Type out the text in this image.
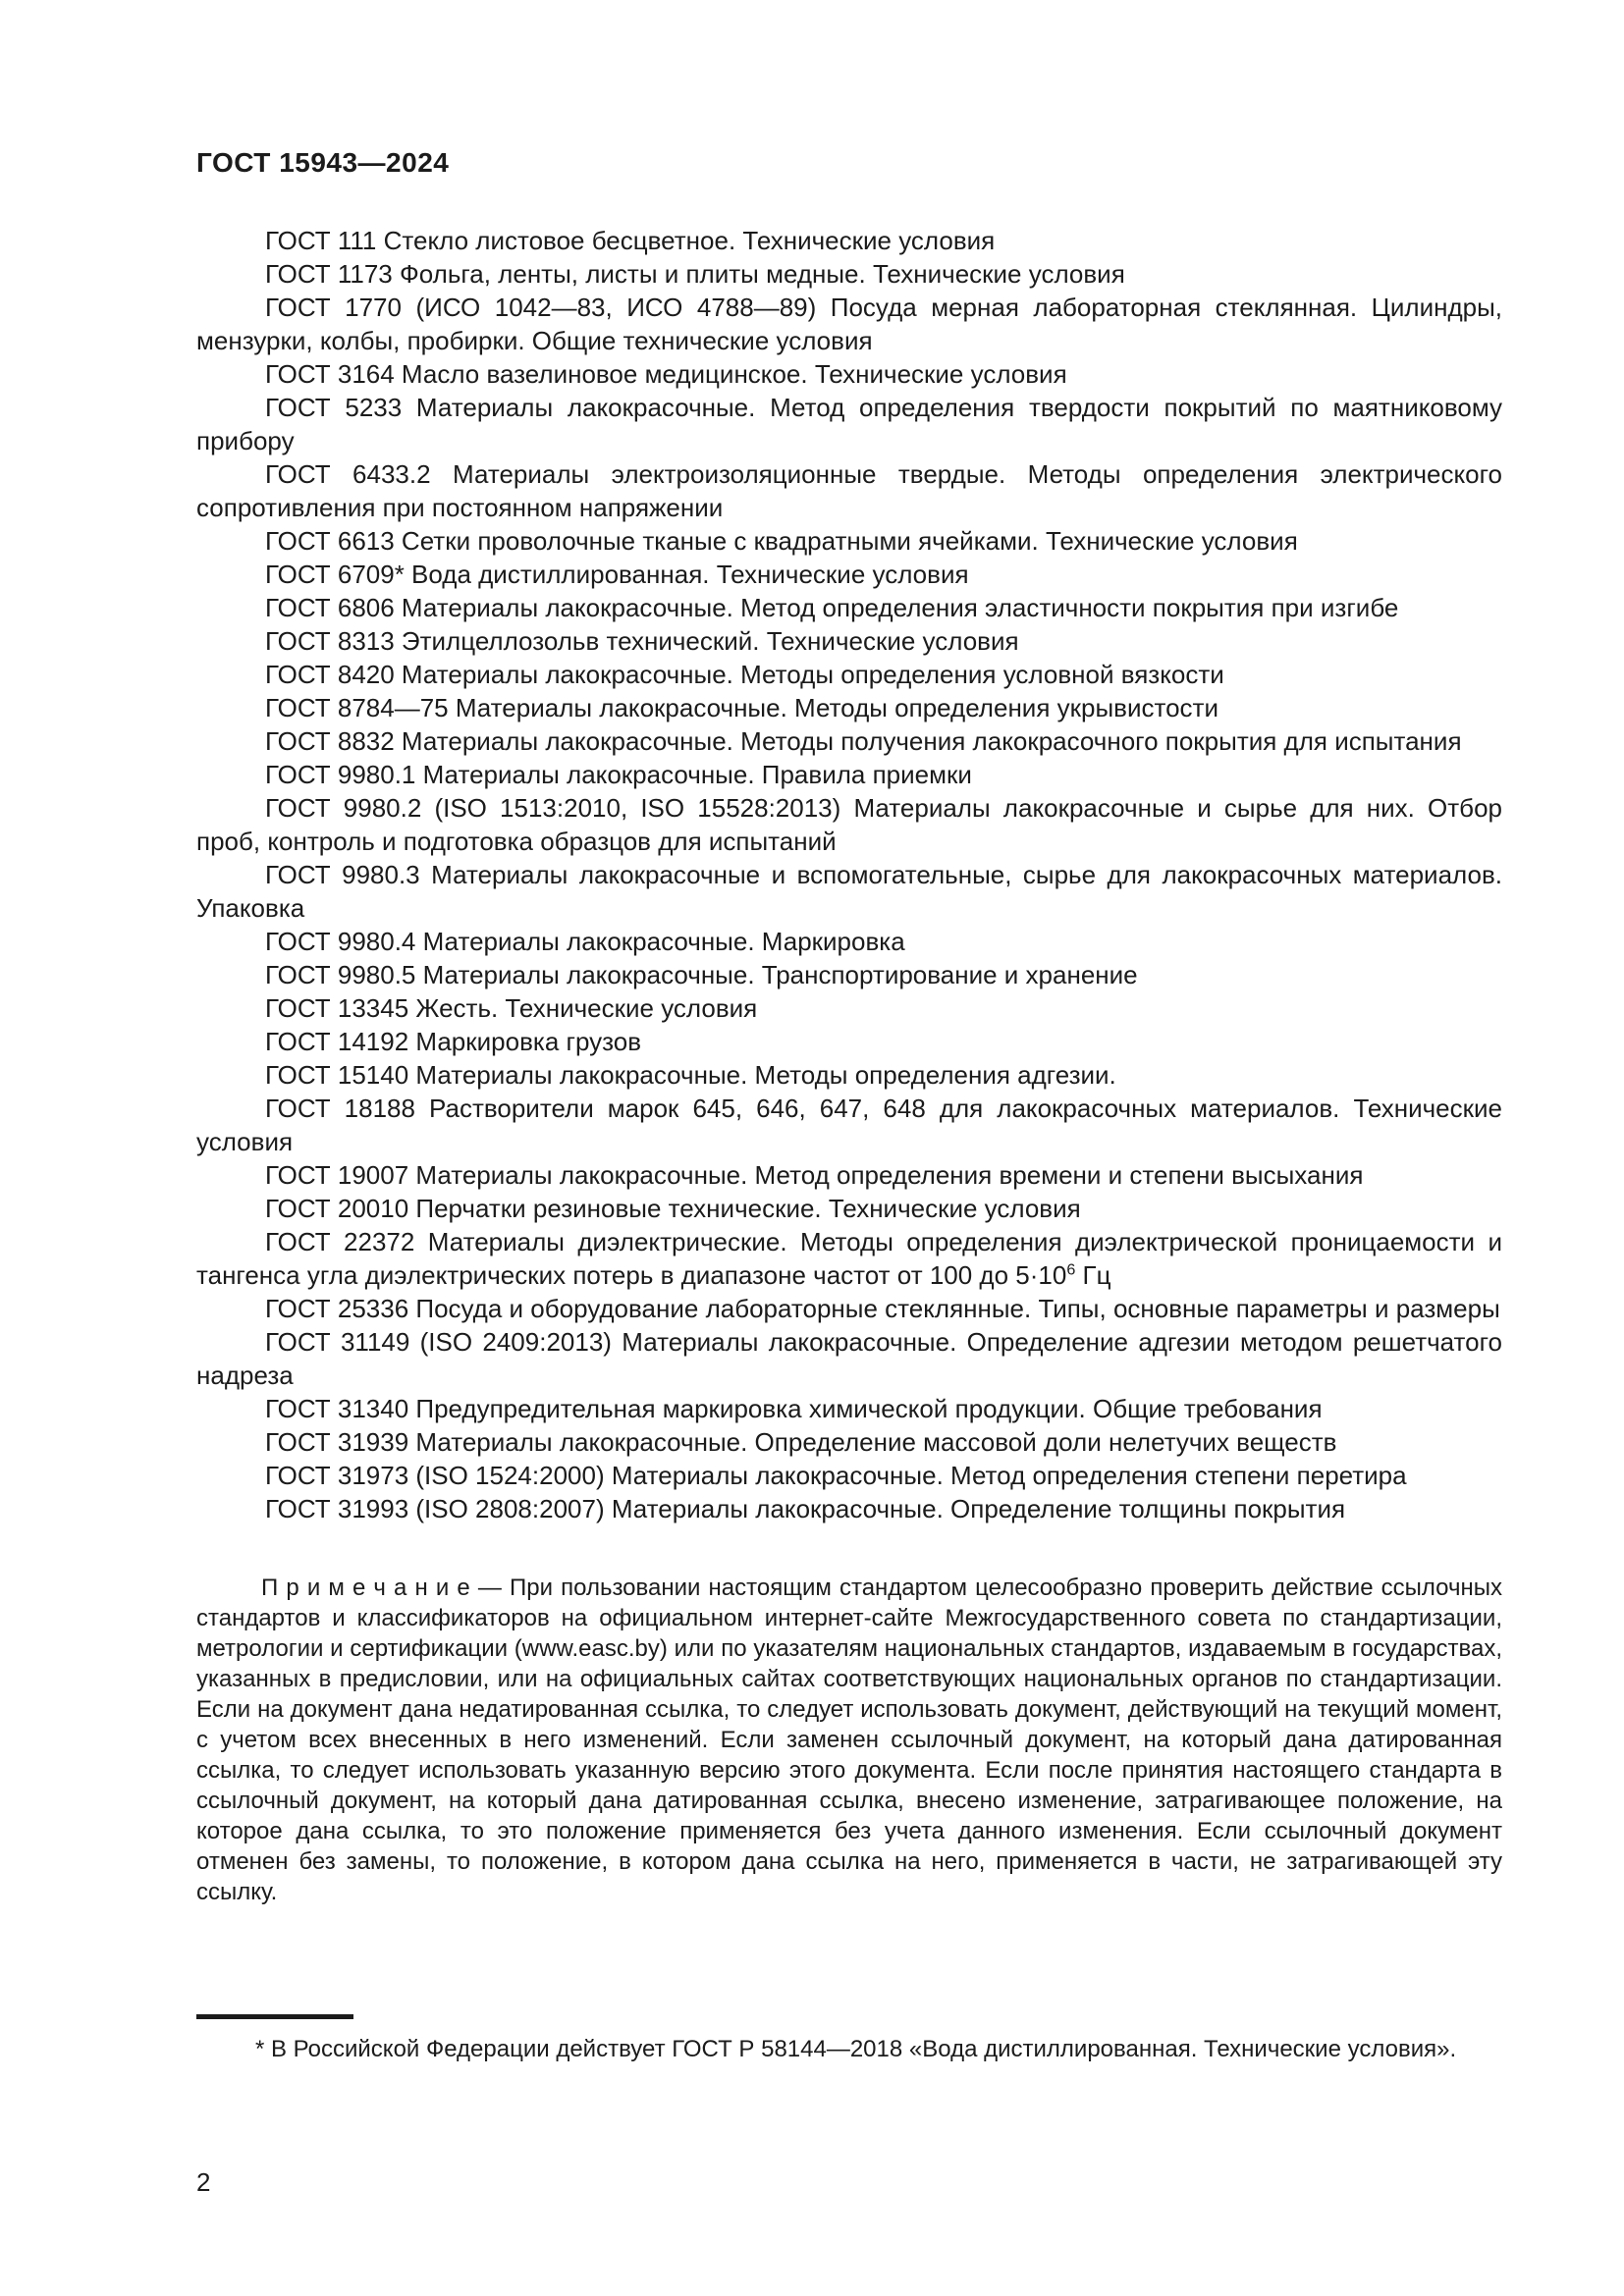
ГОСТ 15943—2024

ГОСТ 111 Стекло листовое бесцветное. Технические условия

ГОСТ 1173 Фольга, ленты, листы и плиты медные. Технические условия

ГОСТ 1770 (ИСО 1042—83, ИСО 4788—89) Посуда мерная лабораторная стеклянная. Цилиндры, мензурки, колбы, пробирки. Общие технические условия

ГОСТ 3164 Масло вазелиновое медицинское. Технические условия

ГОСТ 5233 Материалы лакокрасочные. Метод определения твердости покрытий по маятниковому прибору

ГОСТ 6433.2 Материалы электроизоляционные твердые. Методы определения электрического сопротивления при постоянном напряжении

ГОСТ 6613 Сетки проволочные тканые с квадратными ячейками. Технические условия

ГОСТ 6709* Вода дистиллированная. Технические условия

ГОСТ 6806 Материалы лакокрасочные. Метод определения эластичности покрытия при изгибе

ГОСТ 8313 Этилцеллозольв технический. Технические условия

ГОСТ 8420 Материалы лакокрасочные. Методы определения условной вязкости

ГОСТ 8784—75 Материалы лакокрасочные. Методы определения укрывистости

ГОСТ 8832 Материалы лакокрасочные. Методы получения лакокрасочного покрытия для испытания

ГОСТ 9980.1 Материалы лакокрасочные. Правила приемки

ГОСТ 9980.2 (ISO 1513:2010, ISO 15528:2013) Материалы лакокрасочные и сырье для них. Отбор проб, контроль и подготовка образцов для испытаний

ГОСТ 9980.3 Материалы лакокрасочные и вспомогательные, сырье для лакокрасочных материалов. Упаковка

ГОСТ 9980.4 Материалы лакокрасочные. Маркировка

ГОСТ 9980.5 Материалы лакокрасочные. Транспортирование и хранение

ГОСТ 13345 Жесть. Технические условия

ГОСТ 14192 Маркировка грузов

ГОСТ 15140 Материалы лакокрасочные. Методы определения адгезии.

ГОСТ 18188 Растворители марок 645, 646, 647, 648 для лакокрасочных материалов. Технические условия

ГОСТ 19007 Материалы лакокрасочные. Метод определения времени и степени высыхания

ГОСТ 20010 Перчатки резиновые технические. Технические условия

ГОСТ 22372 Материалы диэлектрические. Методы определения диэлектрической проницаемости и тангенса угла диэлектрических потерь в диапазоне частот от 100 до $5\cdot 10^6$ Гц

ГОСТ 25336 Посуда и оборудование лабораторные стеклянные. Типы, основные параметры и размеры

ГОСТ 31149 (ISO 2409:2013) Материалы лакокрасочные. Определение адгезии методом решетчатого надреза

ГОСТ 31340 Предупредительная маркировка химической продукции. Общие требования

ГОСТ 31939 Материалы лакокрасочные. Определение массовой доли нелетучих веществ

ГОСТ 31973 (ISO 1524:2000) Материалы лакокрасочные. Метод определения степени перетира

ГОСТ 31993 (ISO 2808:2007) Материалы лакокрасочные. Определение толщины покрытия

П р и м е ч а н и е — При пользовании настоящим стандартом целесообразно проверить действие ссылочных стандартов и классификаторов на официальном интернет-сайте Межгосударственного совета по стандартизации, метрологии и сертификации (www.easc.by) или по указателям национальных стандартов, издаваемым в государствах, указанных в предисловии, или на официальных сайтах соответствующих национальных органов по стандартизации. Если на документ дана недатированная ссылка, то следует использовать документ, действующий на текущий момент, с учетом всех внесенных в него изменений. Если заменен ссылочный документ, на который дана датированная ссылка, то следует использовать указанную версию этого документа. Если после принятия настоящего стандарта в ссылочный документ, на который дана датированная ссылка, внесено изменение, затрагивающее положение, на которое дана ссылка, то это положение применяется без учета данного изменения. Если ссылочный документ отменен без замены, то положение, в котором дана ссылка на него, применяется в части, не затрагивающей эту ссылку.

* В Российской Федерации действует ГОСТ Р 58144—2018 «Вода дистиллированная. Технические условия».

2
